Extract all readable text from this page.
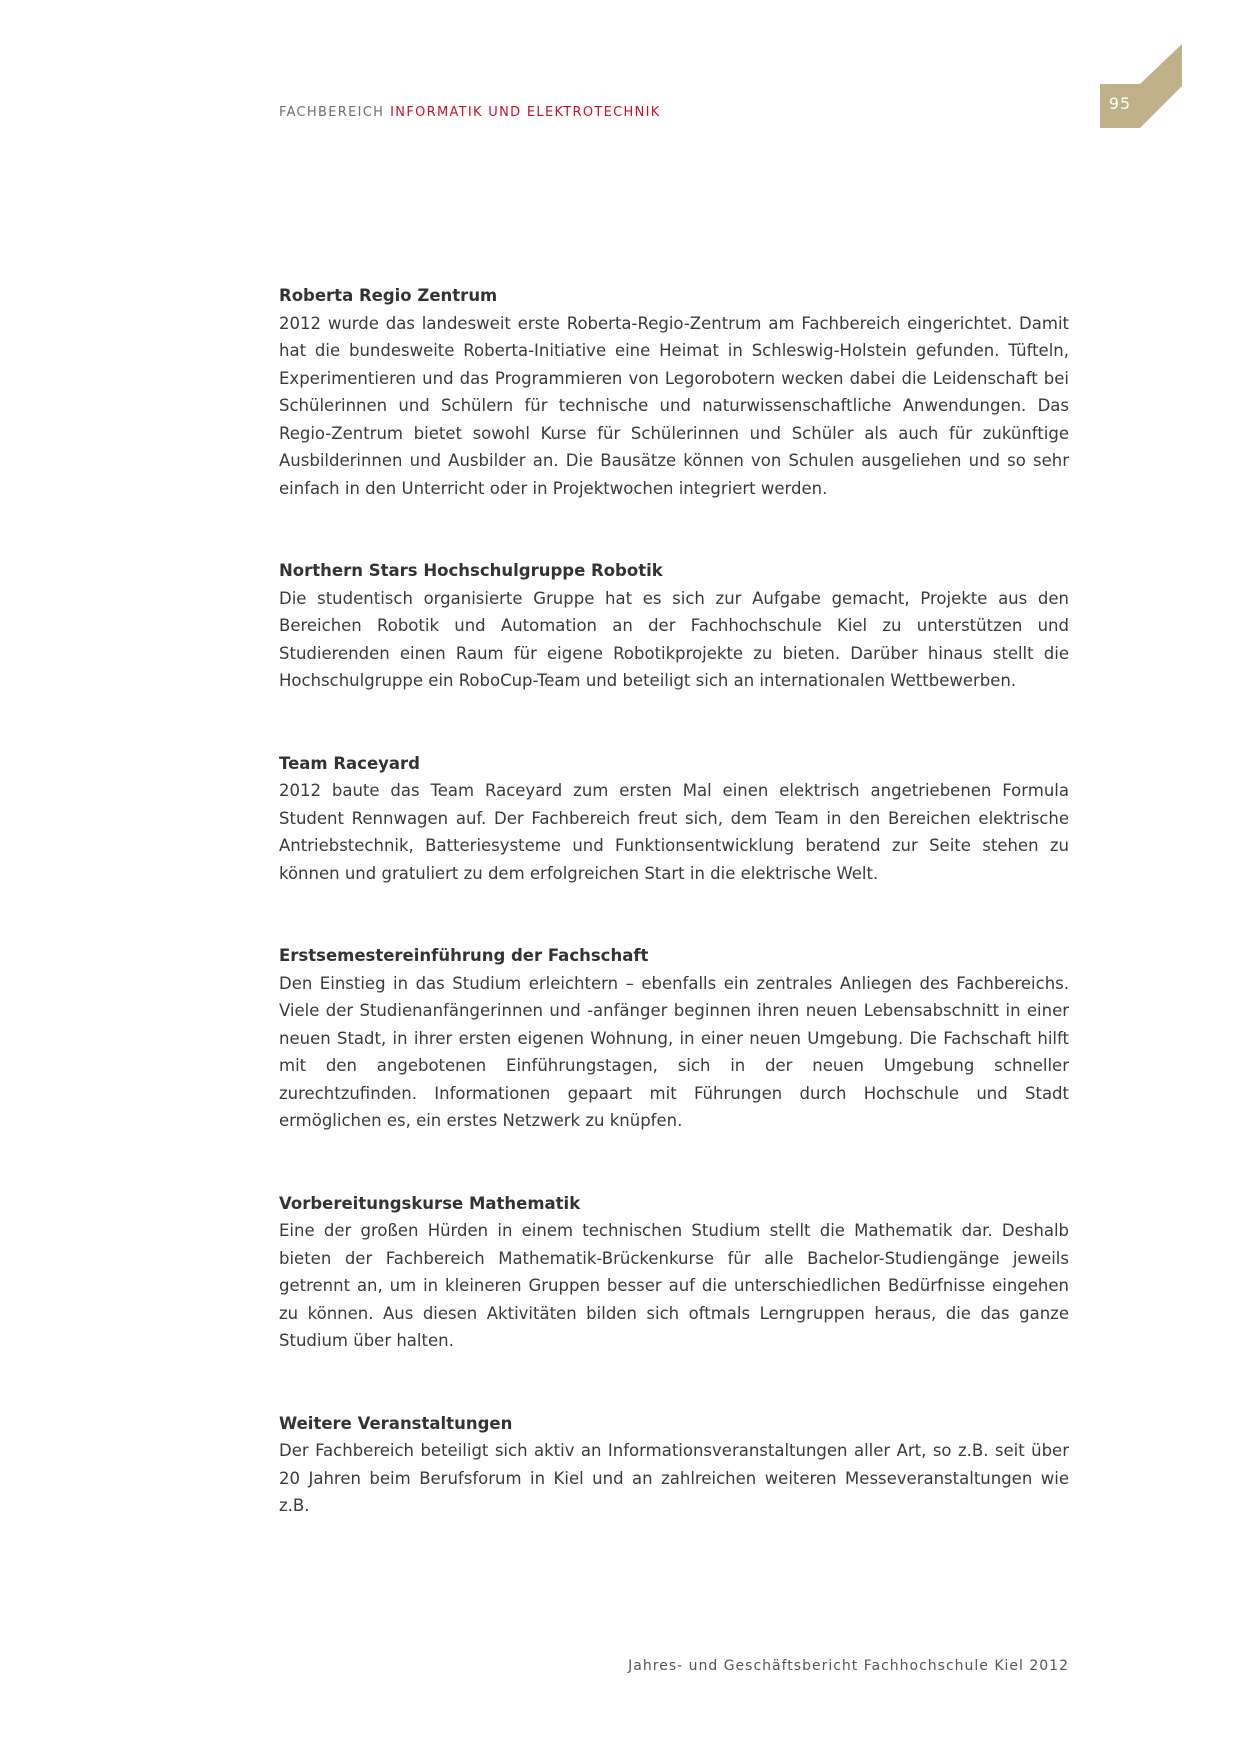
FACHBEREICH INFORMATIK UND ELEKTROTECHNIK	95
Roberta Regio Zentrum

2012 wurde das landesweit erste Roberta-Regio-Zentrum am Fachbereich eingerichtet. Damit hat die bundesweite Roberta-Initiative eine Heimat in Schleswig-Holstein gefunden. Tüfteln, Experimentieren und das Programmieren von Legorobotern wecken dabei die Leidenschaft bei Schülerinnen und Schülern für technische und naturwissenschaftliche Anwendungen. Das Regio-Zentrum bietet sowohl Kurse für Schülerinnen und Schüler als auch für zukünftige Ausbilderinnen und Ausbilder an. Die Bausätze können von Schulen ausgeliehen und so sehr einfach in den Unterricht oder in Projektwochen integriert werden.

Northern Stars Hochschulgruppe Robotik

Die studentisch organisierte Gruppe hat es sich zur Aufgabe gemacht, Projekte aus den Bereichen Robotik und Automation an der Fachhochschule Kiel zu unterstützen und Studierenden einen Raum für eigene Robotikprojekte zu bieten. Darüber hinaus stellt die Hochschulgruppe ein RoboCup-Team und beteiligt sich an internationalen Wettbewerben.

Team Raceyard

2012 baute das Team Raceyard zum ersten Mal einen elektrisch angetriebenen Formula Student Rennwagen auf. Der Fachbereich freut sich, dem Team in den Bereichen elektrische Antriebstechnik, Batteriesysteme und Funktionsentwicklung beratend zur Seite stehen zu können und gratuliert zu dem erfolgreichen Start in die elektrische Welt.

Erstsemestereinführung der Fachschaft

Den Einstieg in das Studium erleichtern – ebenfalls ein zentrales Anliegen des Fachbereichs. Viele der Studienanfängerinnen und -anfänger beginnen ihren neuen Lebensabschnitt in einer neuen Stadt, in ihrer ersten eigenen Wohnung, in einer neuen Umgebung. Die Fachschaft hilft mit den angebotenen Einführungstagen, sich in der neuen Umgebung schneller zurechtzufinden. Informationen gepaart mit Führungen durch Hochschule und Stadt ermöglichen es, ein erstes Netzwerk zu knüpfen.

Vorbereitungskurse Mathematik

Eine der großen Hürden in einem technischen Studium stellt die Mathematik dar. Deshalb bieten der Fachbereich Mathematik-Brückenkurse für alle Bachelor-Studiengänge jeweils getrennt an, um in kleineren Gruppen besser auf die unterschiedlichen Bedürfnisse eingehen zu können. Aus diesen Aktivitäten bilden sich oftmals Lerngruppen heraus, die das ganze Studium über halten.

Weitere Veranstaltungen

Der Fachbereich beteiligt sich aktiv an Informationsveranstaltungen aller Art, so z.B. seit über 20 Jahren beim Berufsforum in Kiel und an zahlreichen weiteren Messeveranstaltungen wie z.B.

Jahres- und Geschäftsbericht Fachhochschule Kiel 2012
